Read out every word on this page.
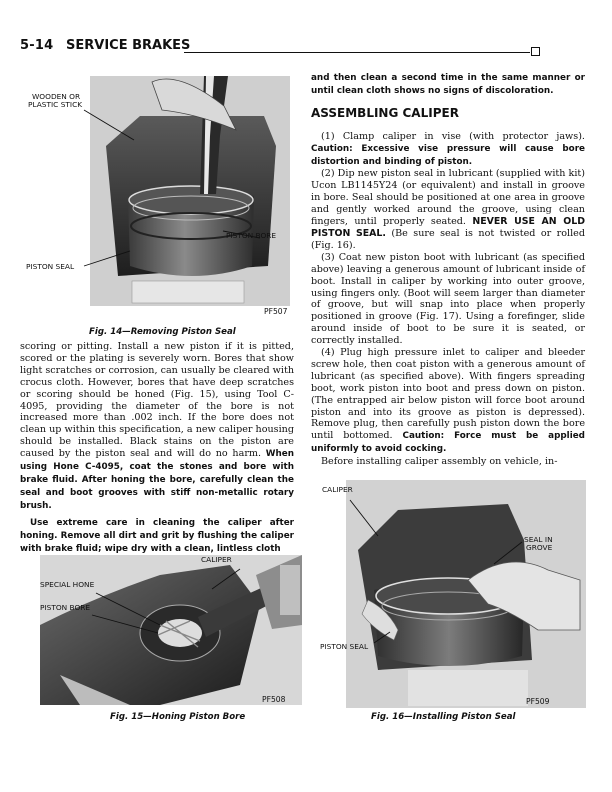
5-14 SERVICE BRAKES
WOODEN OR
PLASTIC STICK
PISTON BORE
PISTON SEAL
PF507
Fig. 14—Removing Piston Seal

scoring or pitting. Install a new piston if it is pitted, scored or the plating is severely worn. Bores that show light scratches or corrosion, can usually be cleared with crocus cloth. However, bores that have deep scratches or scoring should be honed (Fig. 15), using Tool C-4095, providing the diameter of the bore is not increased more than .002 inch. If the bore does not clean up within this specification, a new caliper housing should be installed. Black stains on the piston are caused by the piston seal and will do no harm. When using Hone C-4095, coat the stones and bore with brake fluid. After honing the bore, carefully clean the seal and boot grooves with stiff non-metallic rotary brush.

Use extreme care in cleaning the caliper after honing. Remove all dirt and grit by flushing the caliper with brake fluid; wipe dry with a clean, lintless cloth

CALIPER
SPECIAL HONE
PISTON BORE
PF508
Fig. 15—Honing Piston Bore

and then clean a second time in the same manner or until clean cloth shows no signs of discoloration.

ASSEMBLING CALIPER

(1) Clamp caliper in vise (with protector jaws). Caution: Excessive vise pressure will cause bore distortion and binding of piston.

(2) Dip new piston seal in lubricant (supplied with kit) Ucon LB1145Y24 (or equivalent) and install in groove in bore. Seal should be positioned at one area in groove and gently worked around the groove, using clean fingers, until properly seated. NEVER USE AN OLD PISTON SEAL. (Be sure seal is not twisted or rolled (Fig. 16).

(3) Coat new piston boot with lubricant (as specified above) leaving a generous amount of lubricant inside of boot. Install in caliper by working into outer groove, using fingers only. (Boot will seem larger than diameter of groove, but will snap into place when properly positioned in groove (Fig. 17). Using a forefinger, slide around inside of boot to be sure it is seated, or correctly installed.

(4) Plug high pressure inlet to caliper and bleeder screw hole, then coat piston with a generous amount of lubricant (as specified above). With fingers spreading boot, work piston into boot and press down on piston. (The entrapped air below piston will force boot around piston and into its groove as piston is depressed). Remove plug, then carefully push piston down the bore until bottomed. Caution: Force must be applied uniformly to avoid cocking.

Before installing caliper assembly on vehicle, in-

CALIPER
SEAL IN
GROVE
PISTON SEAL
PF509
Fig. 16—Installing Piston Seal
